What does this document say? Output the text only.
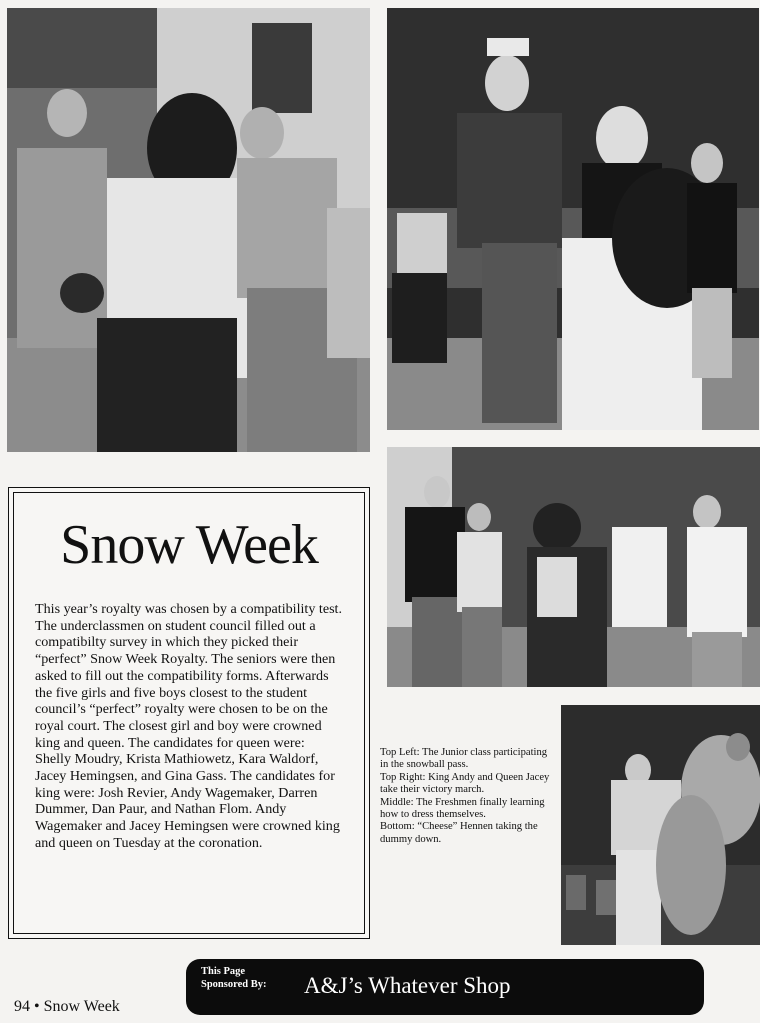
Snow Week
This year’s royalty was chosen by a compatibility test. The underclassmen on student council filled out a compatibilty survey in which they picked their “perfect” Snow Week Royalty. The seniors were then asked to fill out the compatibility forms. Afterwards the five girls and five boys closest to the student council’s “perfect” royalty were chosen to be on the royal court. The closest girl and boy were crowned king and queen. The candidates for queen were: Shelly Moudry, Krista Mathiowetz, Kara Waldorf, Jacey Hemingsen, and Gina Gass. The candidates for king were: Josh Revier, Andy Wagemaker, Darren Dummer, Dan Paur, and Nathan Flom. Andy Wagemaker and Jacey Hemingsen were crowned king and queen on Tuesday at the coronation.
Top Left: The Junior class participating in the snowball pass.
Top Right: King Andy and Queen Jacey take their victory march.
Middle: The Freshmen finally learning how to dress themselves.
Bottom: “Cheese” Hennen taking the dummy down.
94 • Snow Week
This Page Sponsored By: A&J’s Whatever Shop
